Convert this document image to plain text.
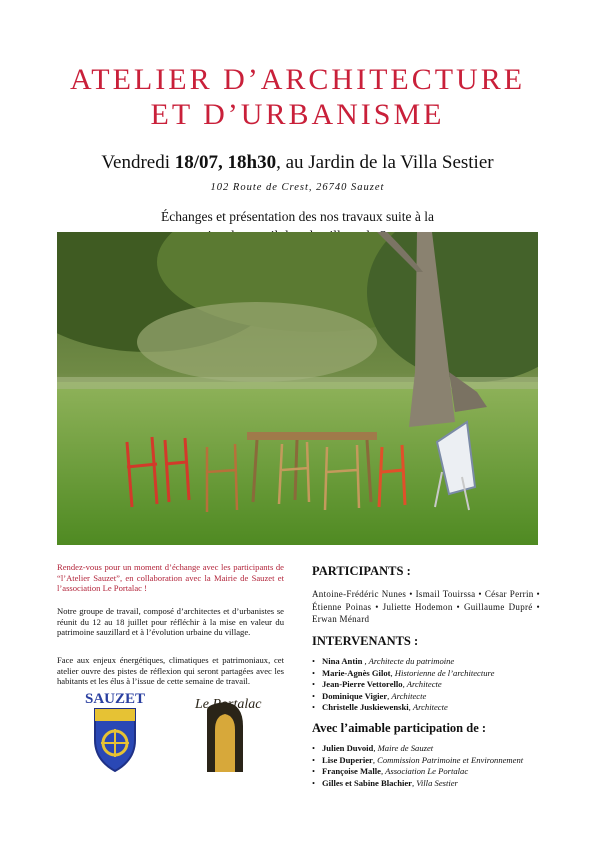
ATELIER D’ARCHITECTURE
ET D’URBANISME
Vendredi 18/07, 18h30, au Jardin de la Villa Sestier
102 Route de Crest, 26740 Sauzet
Échanges et présentation des nos travaux suite à la
Rendez-vous pour un moment d’échange avec les participants de “l’Atelier Sauzet”, en collaboration avec la Mairie de Sauzet et l’association Le Portalac !
Notre groupe de travail, composé d’architectes et d’urbanistes se réunit du 12 au 18 juillet pour réfléchir à la mise en valeur du patrimoine sauzillard et à l’évolution urbaine du village.
Face aux enjeux énergétiques, climatiques et patrimoniaux, cet atelier ouvre des pistes de réflexion qui seront partagées avec les habitants et les élus à l’issue de cette semaine de travail.
SAUZET	Le Portalac
PARTICIPANTS :
Antoine-Frédéric Nunes • Ismail Touirssa • César Perrin • Étienne Poinas • Juliette Hodemon • Guillaume Dupré • Erwan Ménard
INTERVENANTS :
• Nina Antin , Architecte du patrimoine
• Marie-Agnès Gilot, Historienne de l’architecture
• Jean-Pierre Vettorello, Architecte
• Dominique Vigier, Architecte
• Christelle Juskiewenski, Architecte
Avec l’aimable participation de :
• Julien Duvoid, Maire de Sauzet
• Lise Duperier, Commission Patrimoine et Environnement
• Françoise Malle, Association Le Portalac
• Gilles et Sabine Blachier, Villa Sestier
